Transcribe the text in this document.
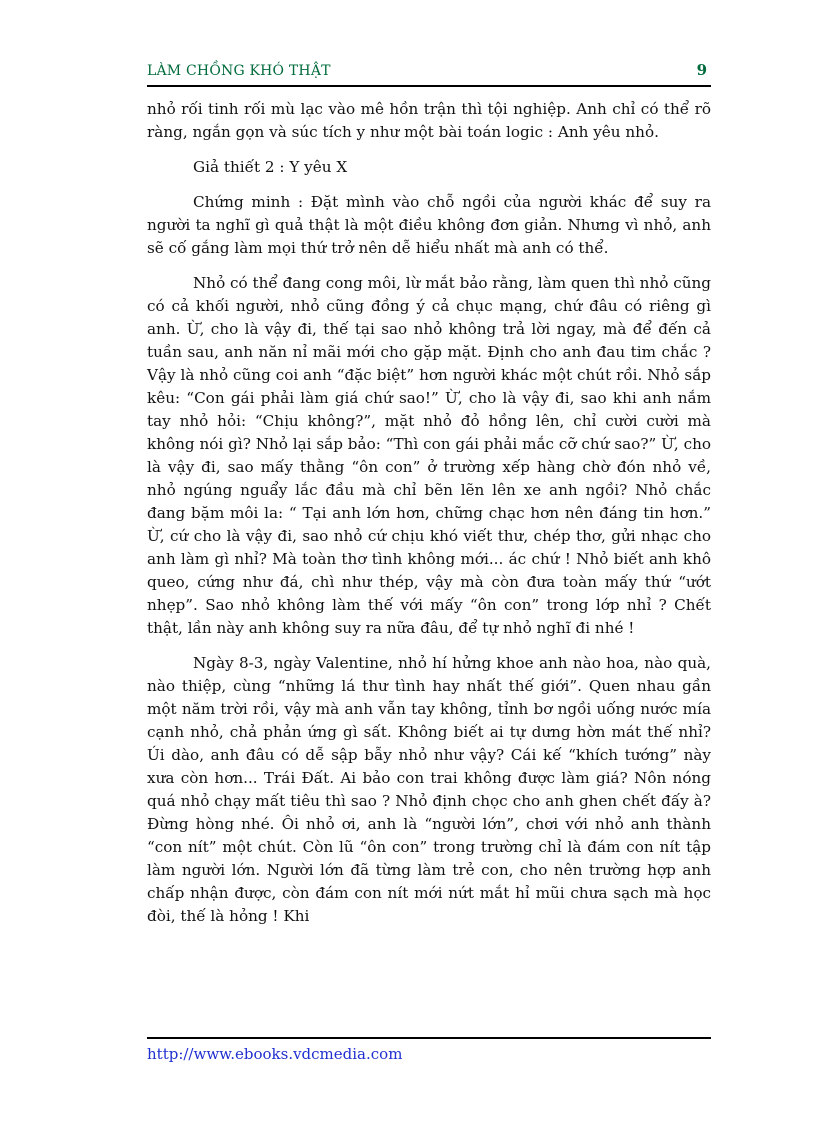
LÀM CHỒNG KHÓ THẬT	9

nhỏ rối tinh rối mù lạc vào mê hồn trận thì tội nghiệp. Anh chỉ có thể rõ ràng, ngắn gọn và súc tích y như một bài toán logic : Anh yêu nhỏ.

Giả thiết 2 : Y yêu X

Chứng minh : Đặt mình vào chỗ ngồi của người khác để suy ra người ta nghĩ gì quả thật là một điều không đơn giản. Nhưng vì nhỏ, anh sẽ cố gắng làm mọi thứ trở nên dễ hiểu nhất mà anh có thể.

Nhỏ có thể đang cong môi, lừ mắt bảo rằng, làm quen thì nhỏ cũng có cả khối người, nhỏ cũng đồng ý cả chục mạng, chứ đâu có riêng gì anh. Ừ, cho là vậy đi, thế tại sao nhỏ không trả lời ngay, mà để đến cả tuần sau, anh năn nỉ mãi mới cho gặp mặt. Định cho anh đau tim chắc ? Vậy là nhỏ cũng coi anh “đặc biệt” hơn người khác một chút rồi. Nhỏ sắp kêu: “Con gái phải làm giá chứ sao!” Ừ, cho là vậy đi, sao khi anh nắm tay nhỏ hỏi: “Chịu không?”, mặt nhỏ đỏ hồng lên, chỉ cười cười mà không nói gì? Nhỏ lại sắp bảo: “Thì con gái phải mắc cỡ chứ sao?” Ừ, cho là vậy đi, sao mấy thằng “ôn con” ở trường xếp hàng chờ đón nhỏ về, nhỏ ngúng nguẩy lắc đầu mà chỉ bẽn lẽn lên xe anh ngồi? Nhỏ chắc đang bặm môi la: “ Tại anh lớn hơn, chững chạc hơn nên đáng tin hơn.” Ừ, cứ cho là vậy đi, sao nhỏ cứ chịu khó viết thư, chép thơ, gửi nhạc cho anh làm gì nhỉ? Mà toàn thơ tình không mới... ác chứ ! Nhỏ biết anh khô queo, cứng như đá, chì như thép, vậy mà còn đưa toàn mấy thứ “ướt nhẹp”. Sao nhỏ không làm thế với mấy “ôn con” trong lớp nhỉ ? Chết thật, lần này anh không suy ra nữa đâu, để tự nhỏ nghĩ đi nhé !

Ngày 8-3, ngày Valentine, nhỏ hí hửng khoe anh nào hoa, nào quà, nào thiệp, cùng “những lá thư tình hay nhất thế giới”. Quen nhau gần một năm trời rồi, vậy mà anh vẫn tay không, tỉnh bơ ngồi uống nước mía cạnh nhỏ, chả phản ứng gì sất. Không biết ai tự dưng hờn mát thế nhỉ? Úi dào, anh đâu có dễ sập bẫy nhỏ như vậy? Cái kế “khích tướng” này xưa còn hơn... Trái Đất. Ai bảo con trai không được làm giá? Nôn nóng quá nhỏ chạy mất tiêu thì sao ? Nhỏ định chọc cho anh ghen chết đấy à? Đừng hòng nhé. Ôi nhỏ ơi, anh là “người lớn”, chơi với nhỏ anh thành “con nít” một chút. Còn lũ “ôn con” trong trường chỉ là đám con nít tập làm người lớn. Người lớn đã từng làm trẻ con, cho nên trường hợp anh chấp nhận được, còn đám con nít mới nứt mắt hỉ mũi chưa sạch mà học đòi, thế là hỏng ! Khi

http://www.ebooks.vdcmedia.com
